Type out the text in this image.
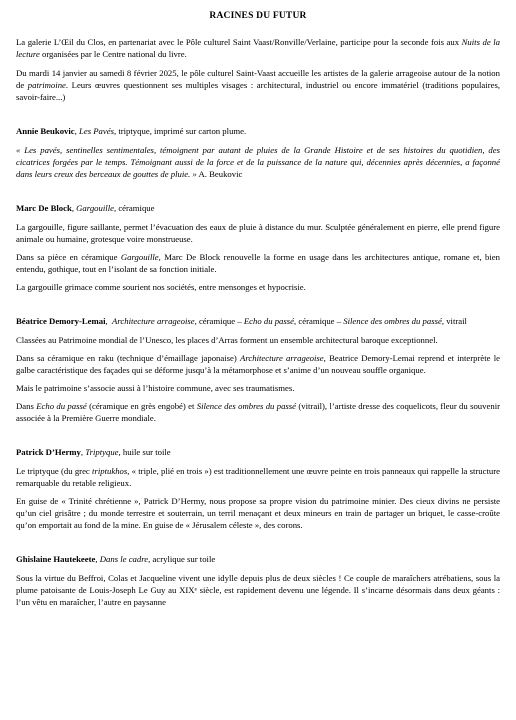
RACINES DU FUTUR

La galerie L’Œil du Clos, en partenariat avec le Pôle culturel Saint Vaast/Ronville/Verlaine, participe pour la seconde fois aux Nuits de la lecture organisées par le Centre national du livre.

Du mardi 14 janvier au samedi 8 février 2025, le pôle culturel Saint-Vaast accueille les artistes de la galerie arrageoise autour de la notion de patrimoine. Leurs œuvres questionnent ses multiples visages : architectural, industriel ou encore immatériel (traditions populaires, savoir-faire...)

Annie Beukovic, Les Pavés, triptyque, imprimé sur carton plume.

« Les pavés, sentinelles sentimentales, témoignent par autant de pluies de la Grande Histoire et de ses histoires du quotidien, des cicatrices forgées par le temps. Témoignant aussi de la force et de la puissance de la nature qui, décennies après décennies, a façonné dans leurs creux des berceaux de gouttes de pluie. » A. Beukovic

Marc De Block, Gargouille, céramique

La gargouille, figure saillante, permet l’évacuation des eaux de pluie à distance du mur. Sculptée généralement en pierre, elle prend figure animale ou humaine, grotesque voire monstrueuse.

Dans sa pièce en céramique Gargouille, Marc De Block renouvelle la forme en usage dans les architectures antique, romane et, bien entendu, gothique, tout en l’isolant de sa fonction initiale.

La gargouille grimace comme sourient nos sociétés, entre mensonges et hypocrisie.

Béatrice Demory-Lemai,  Architecture arrageoise, céramique – Echo du passé, céramique – Silence des ombres du passé, vitrail

Classées au Patrimoine mondial de l’Unesco, les places d’Arras forment un ensemble architectural baroque exceptionnel.

Dans sa céramique en raku (technique d’émaillage japonaise) Architecture arrageoise, Beatrice Demory-Lemai reprend et interprète le galbe caractéristique des façades qui se déforme jusqu’à la métamorphose et s’anime d’un nouveau souffle organique.

Mais le patrimoine s’associe aussi à l’histoire commune, avec ses traumatismes.

Dans Echo du passé (céramique en grès engobé) et Silence des ombres du passé (vitrail), l’artiste dresse des coquelicots, fleur du souvenir associée à la Première Guerre mondiale.

Patrick D’Hermy, Triptyque, huile sur toile

Le triptyque (du grec triptukhos, « triple, plié en trois ») est traditionnellement une œuvre peinte en trois panneaux qui rappelle la structure remarquable du retable religieux.

En guise de « Trinité chrétienne », Patrick D’Hermy, nous propose sa propre vision du patrimoine minier. Des cieux divins ne persiste qu’un ciel grisâtre ; du monde terrestre et souterrain, un terril menaçant et deux mineurs en train de partager un briquet, le casse-croûte qu’on emportait au fond de la mine. En guise de « Jérusalem céleste », des corons.

Ghislaine Hautekeete, Dans le cadre, acrylique sur toile

Sous la virtue du Beffroi, Colas et Jacqueline vivent une idylle depuis plus de deux siècles ! Ce couple de maraîchers atrébatiens, sous la plume patoisante de Louis-Joseph Le Guy au XIXᵉ siècle, est rapidement devenu une légende. Il s’incarne désormais dans deux géants : l’un vêtu en maraîcher, l’autre en paysanne
